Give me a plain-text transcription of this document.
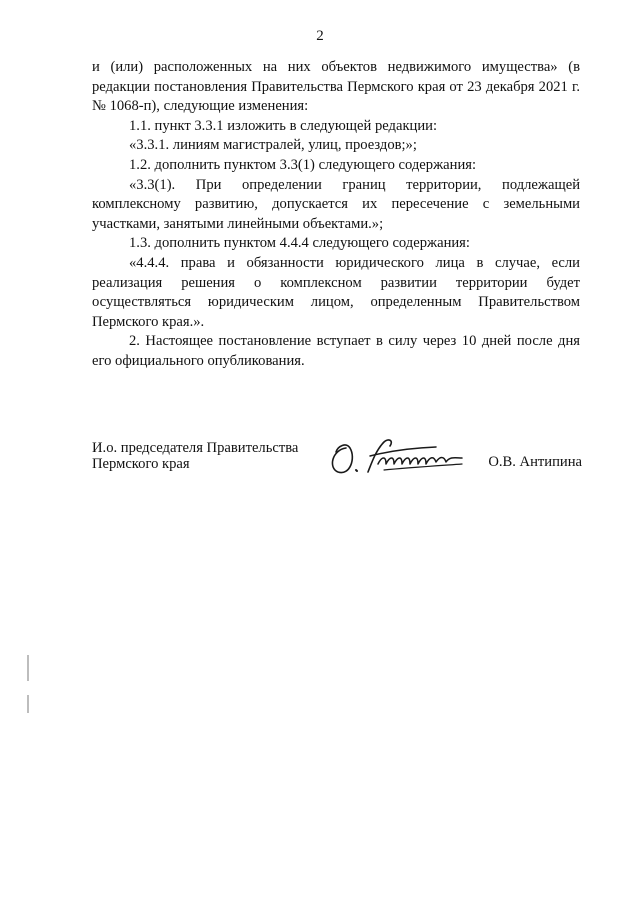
2

и (или) расположенных на них объектов недвижимого имущества» (в редакции постановления Правительства Пермского края от 23 декабря 2021 г. № 1068-п), следующие изменения:

1.1. пункт 3.3.1 изложить в следующей редакции:

«3.3.1. линиям магистралей, улиц, проездов;»;

1.2. дополнить пунктом 3.3(1) следующего содержания:

«3.3(1). При определении границ территории, подлежащей комплексному развитию, допускается их пересечение с земельными участками, занятыми линейными объектами.»;

1.3. дополнить пунктом 4.4.4 следующего содержания:

«4.4.4. права и обязанности юридического лица в случае, если реализация решения о комплексном развитии территории будет осуществляться юридическим лицом, определенным Правительством Пермского края.».

2. Настоящее постановление вступает в силу через 10 дней после дня его официального опубликования.

И.о. председателя Правительства
Пермского края	О.В. Антипина
